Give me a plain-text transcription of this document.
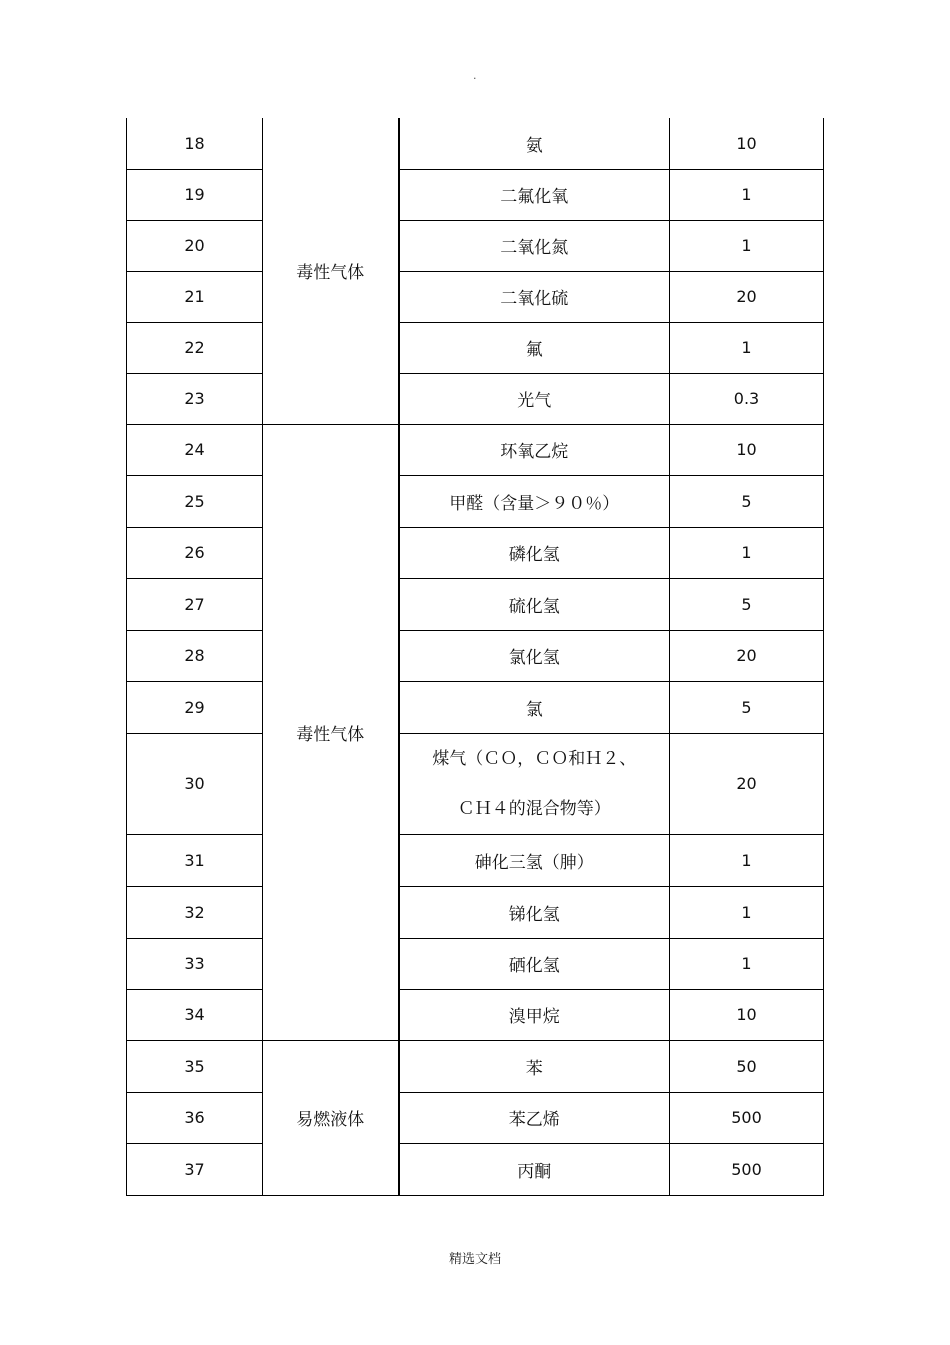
·
18	毒性气体	氨	10
19		二氟化氧	1
20		二氧化氮	1
21		二氧化硫	20
22		氟	1
23		光气	0.3
24	毒性气体	环氧乙烷	10
25		甲醛（含量＞９０％）	5
26		磷化氢	1
27		硫化氢	5
28		氯化氢	20
29		氯	5
30		煤气（ＣＯ，ＣＯ和Ｈ２、
ＣＨ４的混合物等）	20
31		砷化三氢（胂）	1
32		锑化氢	1
33		硒化氢	1
34		溴甲烷	10
35	易燃液体	苯	50
36		苯乙烯	500
37		丙酮	500
精选文档
